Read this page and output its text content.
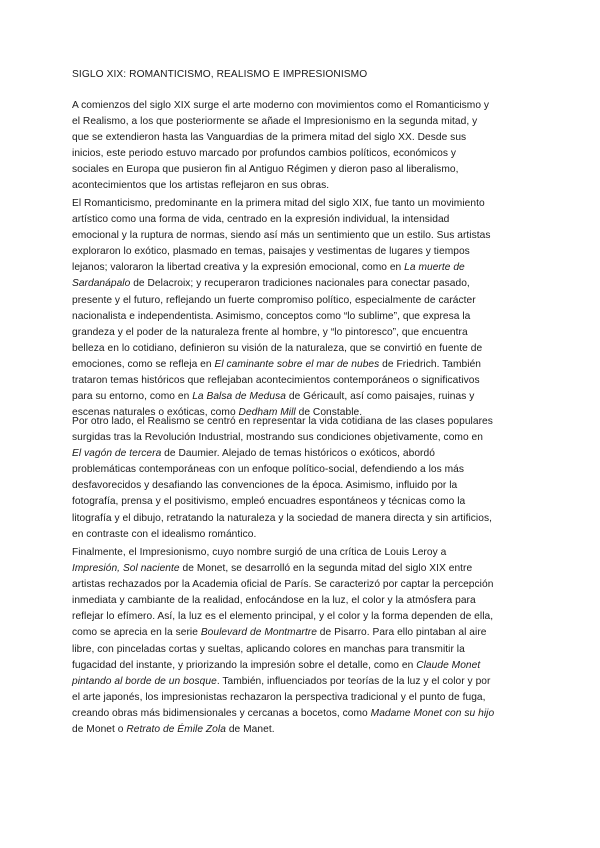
SIGLO XIX: ROMANTICISMO, REALISMO E IMPRESIONISMO
A comienzos del siglo XIX surge el arte moderno con movimientos como el Romanticismo y
el Realismo, a los que posteriormente se añade el Impresionismo en la segunda mitad, y
que se extendieron hasta las Vanguardias de la primera mitad del siglo XX. Desde sus
inicios, este periodo estuvo marcado por profundos cambios políticos, económicos y
sociales en Europa que pusieron fin al Antiguo Régimen y dieron paso al liberalismo,
acontecimientos que los artistas reflejaron en sus obras.
El Romanticismo, predominante en la primera mitad del siglo XIX, fue tanto un movimiento
artístico como una forma de vida, centrado en la expresión individual, la intensidad
emocional y la ruptura de normas, siendo así más un sentimiento que un estilo. Sus artistas
exploraron lo exótico, plasmado en temas, paisajes y vestimentas de lugares y tiempos
lejanos; valoraron la libertad creativa y la expresión emocional, como en La muerte de
Sardanápalo de Delacroix; y recuperaron tradiciones nacionales para conectar pasado,
presente y el futuro, reflejando un fuerte compromiso político, especialmente de carácter
nacionalista e independentista. Asimismo, conceptos como “lo sublime”, que expresa la
grandeza y el poder de la naturaleza frente al hombre, y “lo pintoresco”, que encuentra
belleza en lo cotidiano, definieron su visión de la naturaleza, que se convirtió en fuente de
emociones, como se refleja en El caminante sobre el mar de nubes de Friedrich. También
trataron temas históricos que reflejaban acontecimientos contemporáneos o significativos
para su entorno, como en La Balsa de Medusa de Géricault, así como paisajes, ruinas y
escenas naturales o exóticas, como Dedham Mill de Constable.
Por otro lado, el Realismo se centró en representar la vida cotidiana de las clases populares
surgidas tras la Revolución Industrial, mostrando sus condiciones objetivamente, como en
El vagón de tercera de Daumier. Alejado de temas históricos o exóticos, abordó
problemáticas contemporáneas con un enfoque político-social, defendiendo a los más
desfavorecidos y desafiando las convenciones de la época. Asimismo, influido por la
fotografía, prensa y el positivismo, empleó encuadres espontáneos y técnicas como la
litografía y el dibujo, retratando la naturaleza y la sociedad de manera directa y sin artificios,
en contraste con el idealismo romántico.
Finalmente, el Impresionismo, cuyo nombre surgió de una crítica de Louis Leroy a
Impresión, Sol naciente de Monet, se desarrolló en la segunda mitad del siglo XIX entre
artistas rechazados por la Academia oficial de París. Se caracterizó por captar la percepción
inmediata y cambiante de la realidad, enfocándose en la luz, el color y la atmósfera para
reflejar lo efímero. Así, la luz es el elemento principal, y el color y la forma dependen de ella,
como se aprecia en la serie Boulevard de Montmartre de Pisarro. Para ello pintaban al aire
libre, con pinceladas cortas y sueltas, aplicando colores en manchas para transmitir la
fugacidad del instante, y priorizando la impresión sobre el detalle, como en Claude Monet
pintando al borde de un bosque. También, influenciados por teorías de la luz y el color y por
el arte japonés, los impresionistas rechazaron la perspectiva tradicional y el punto de fuga,
creando obras más bidimensionales y cercanas a bocetos, como Madame Monet con su hijo
de Monet o Retrato de Émile Zola de Manet.
